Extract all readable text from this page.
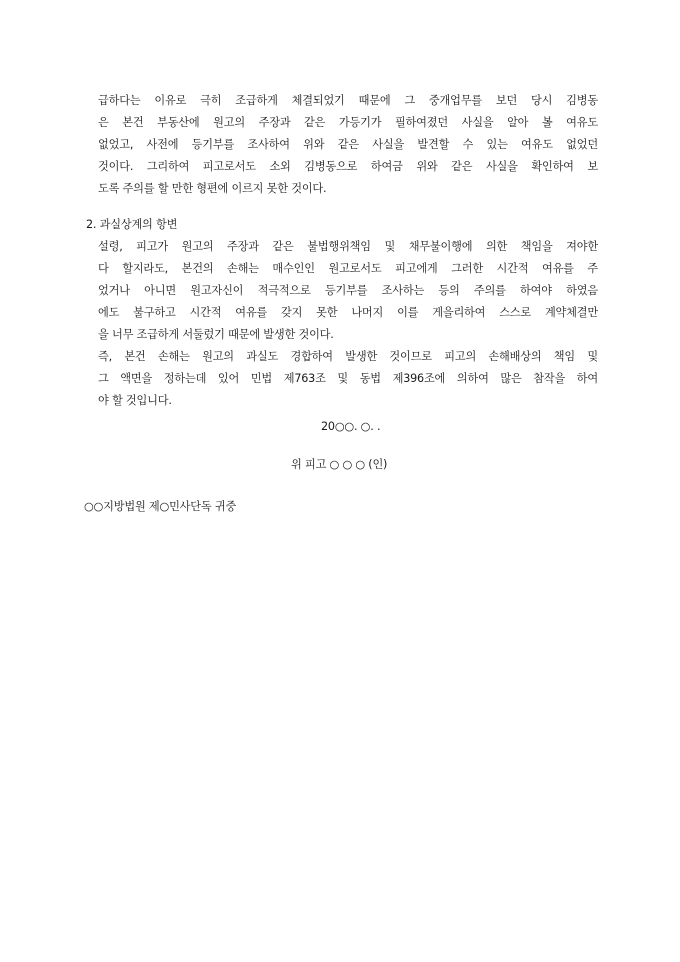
급하다는 이유로 극히 조급하게 체결되었기 때문에 그 중개업무를 보던 당시 김병동
은 본건 부동산에 원고의 주장과 같은 가등기가 필하여졌던 사실을 알아 볼 여유도
없었고, 사전에 등기부를 조사하여 위와 같은 사실을 발견할 수 있는 여유도 없었던
것이다. 그리하여 피고로서도 소외 김병동으로 하여금 위와 같은 사실을 확인하여 보
도록 주의를 할 만한 형편에 이르지 못한 것이다.
2. 과실상계의 항변
설령, 피고가 원고의 주장과 같은 불법행위책임 및 채무불이행에 의한 책임을 져야한
다 할지라도, 본건의 손해는 매수인인 원고로서도 피고에게 그러한 시간적 여유를 주
었거나 아니면 원고자신이 적극적으로 등기부를 조사하는 등의 주의를 하여야 하였음
에도 불구하고 시간적 여유를 갖지 못한 나머지 이를 게을리하여 스스로 계약체결만
을 너무 조급하게 서둘렀기 때문에 발생한 것이다.
즉, 본건 손해는 원고의 과실도 경합하여 발생한 것이므로 피고의 손해배상의 책임 및
그 액면을 정하는데 있어 민법 제763조 및 동법 제396조에 의하여 많은 참작을 하여
야 할 것입니다.
20○○. ○. .
위 피고 ○ ○ ○ (인)
○○지방법원 제○민사단독 귀중
